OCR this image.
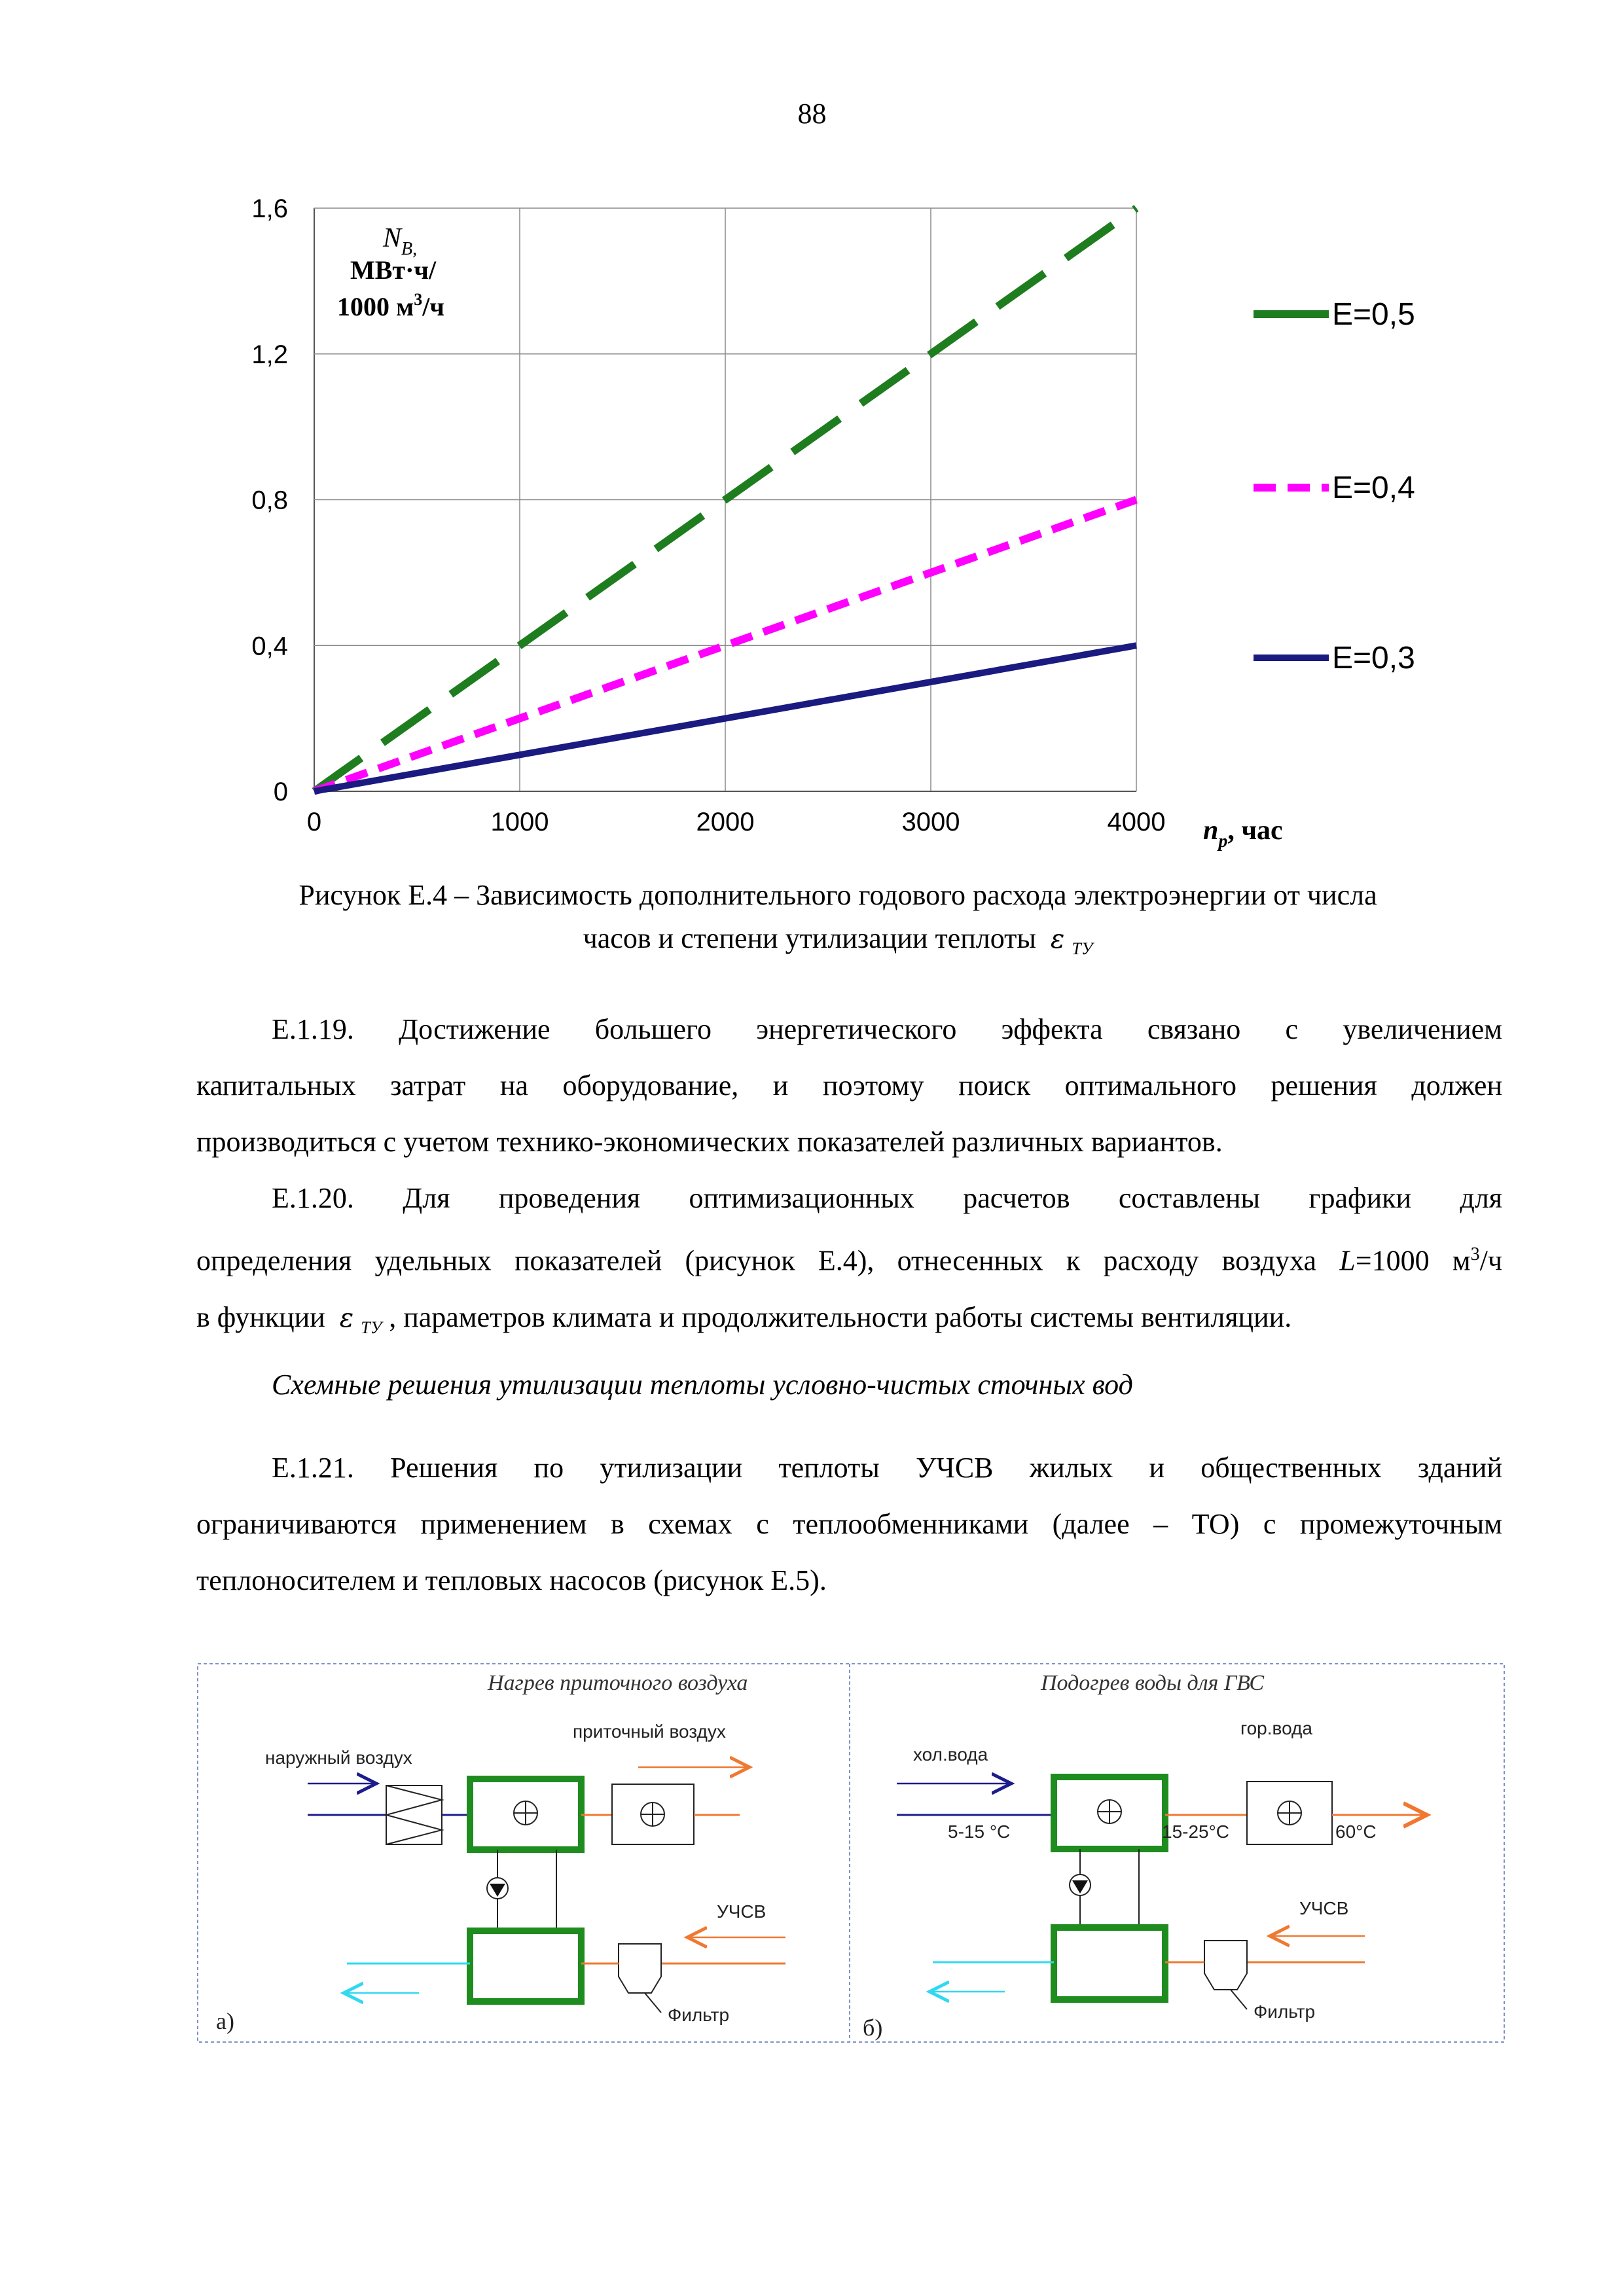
88
0	1000	2000	3000	4000
0
0,4
0,8
1,2
1,6
E=0,5
E=0,4
E=0,3
$N_{B,}$
МВт·ч/
1000 $м^3/ч$
$n_p$, час
Рисунок Е.4 – Зависимость дополнительного годового расхода электроэнергии от числа
часов и степени утилизации теплоты ε $_{ТУ}$
Е.1.19. Достижение большего энергетического эффекта связано с увеличением
капитальных затрат на оборудование, и поэтому поиск оптимального решения должен
производиться с учетом технико-экономических показателей различных вариантов.
Е.1.20. Для проведения оптимизационных расчетов составлены графики для
определения удельных показателей (рисунок Е.4), отнесенных к расходу воздуха L=1000 $м^3/ч$
в функции ε $_{ТУ}$ , параметров климата и продолжительности работы системы вентиляции.
Схемные решения утилизации теплоты условно-чистых сточных вод
Е.1.21. Решения по утилизации теплоты УЧСВ жилых и общественных зданий
ограничиваются применением в схемах с теплообменниками (далее – ТО) с промежуточным
теплоносителем и тепловых насосов (рисунок Е.5).
Нагрев приточного воздуха
наружный воздух
приточный воздух
УЧСВ
Фильтр
а)
Подогрев воды для ГВС
хол.вода
гор.вода
5-15 °C	15-25°C	60°C
УЧСВ
Фильтр
б)
